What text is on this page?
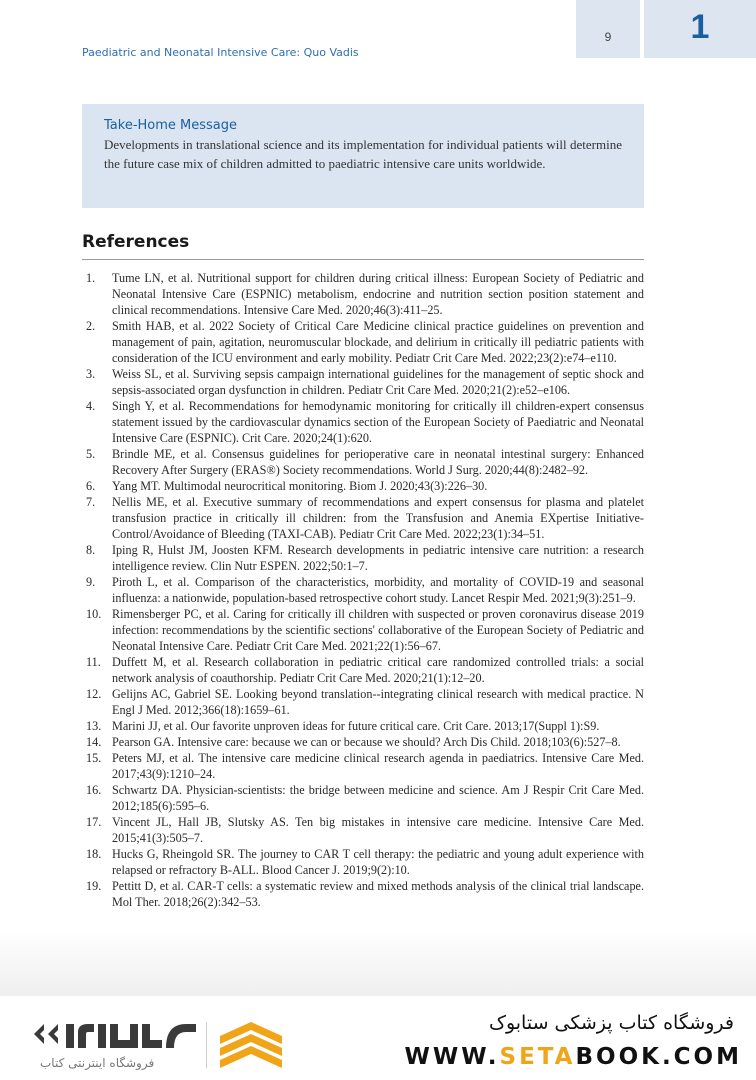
9	1
Paediatric and Neonatal Intensive Care: Quo Vadis
Take-Home Message
Developments in translational science and its implementation for individual patients will determine the future case mix of children admitted to paediatric intensive care units worldwide.
References
1.	Tume LN, et al. Nutritional support for children during critical illness: European Society of Pediatric and Neonatal Intensive Care (ESPNIC) metabolism, endocrine and nutrition section position statement and clinical recommendations. Intensive Care Med. 2020;46(3):411–25.
2.	Smith HAB, et al. 2022 Society of Critical Care Medicine clinical practice guidelines on prevention and management of pain, agitation, neuromuscular blockade, and delirium in critically ill pediatric patients with consideration of the ICU environment and early mobility. Pediatr Crit Care Med. 2022;23(2):e74–e110.
3.	Weiss SL, et al. Surviving sepsis campaign international guidelines for the management of septic shock and sepsis-associated organ dysfunction in children. Pediatr Crit Care Med. 2020;21(2):e52–e106.
4.	Singh Y, et al. Recommendations for hemodynamic monitoring for critically ill children-expert consensus statement issued by the cardiovascular dynamics section of the European Society of Paediatric and Neonatal Intensive Care (ESPNIC). Crit Care. 2020;24(1):620.
5.	Brindle ME, et al. Consensus guidelines for perioperative care in neonatal intestinal surgery: Enhanced Recovery After Surgery (ERAS®) Society recommendations. World J Surg. 2020;44(8):2482–92.
6.	Yang MT. Multimodal neurocritical monitoring. Biom J. 2020;43(3):226–30.
7.	Nellis ME, et al. Executive summary of recommendations and expert consensus for plasma and platelet transfusion practice in critically ill children: from the Transfusion and Anemia EXpertise Initiative-Control/Avoidance of Bleeding (TAXI-CAB). Pediatr Crit Care Med. 2022;23(1):34–51.
8.	Iping R, Hulst JM, Joosten KFM. Research developments in pediatric intensive care nutrition: a research intelligence review. Clin Nutr ESPEN. 2022;50:1–7.
9.	Piroth L, et al. Comparison of the characteristics, morbidity, and mortality of COVID-19 and seasonal influenza: a nationwide, population-based retrospective cohort study. Lancet Respir Med. 2021;9(3):251–9.
10. Rimensberger PC, et al. Caring for critically ill children with suspected or proven coronavirus disease 2019 infection: recommendations by the scientific sections' collaborative of the European Society of Pediatric and Neonatal Intensive Care. Pediatr Crit Care Med. 2021;22(1):56–67.
11. Duffett M, et al. Research collaboration in pediatric critical care randomized controlled trials: a social network analysis of coauthorship. Pediatr Crit Care Med. 2020;21(1):12–20.
12. Gelijns AC, Gabriel SE. Looking beyond translation--integrating clinical research with medical practice. N Engl J Med. 2012;366(18):1659–61.
13. Marini JJ, et al. Our favorite unproven ideas for future critical care. Crit Care. 2013;17(Suppl 1):S9.
14. Pearson GA. Intensive care: because we can or because we should? Arch Dis Child. 2018;103(6):527–8.
15. Peters MJ, et al. The intensive care medicine clinical research agenda in paediatrics. Intensive Care Med. 2017;43(9):1210–24.
16. Schwartz DA. Physician-scientists: the bridge between medicine and science. Am J Respir Crit Care Med. 2012;185(6):595–6.
17. Vincent JL, Hall JB, Slutsky AS. Ten big mistakes in intensive care medicine. Intensive Care Med. 2015;41(3):505–7.
18. Hucks G, Rheingold SR. The journey to CAR T cell therapy: the pediatric and young adult experience with relapsed or refractory B-ALL. Blood Cancer J. 2019;9(2):10.
19. Pettitt D, et al. CAR-T cells: a systematic review and mixed methods analysis of the clinical trial landscape. Mol Ther. 2018;26(2):342–53.
فروشگاه اینترنتی کتاب
فروشگاه کتاب پزشکی ستابوک
WWW.SETABOOK.COM
